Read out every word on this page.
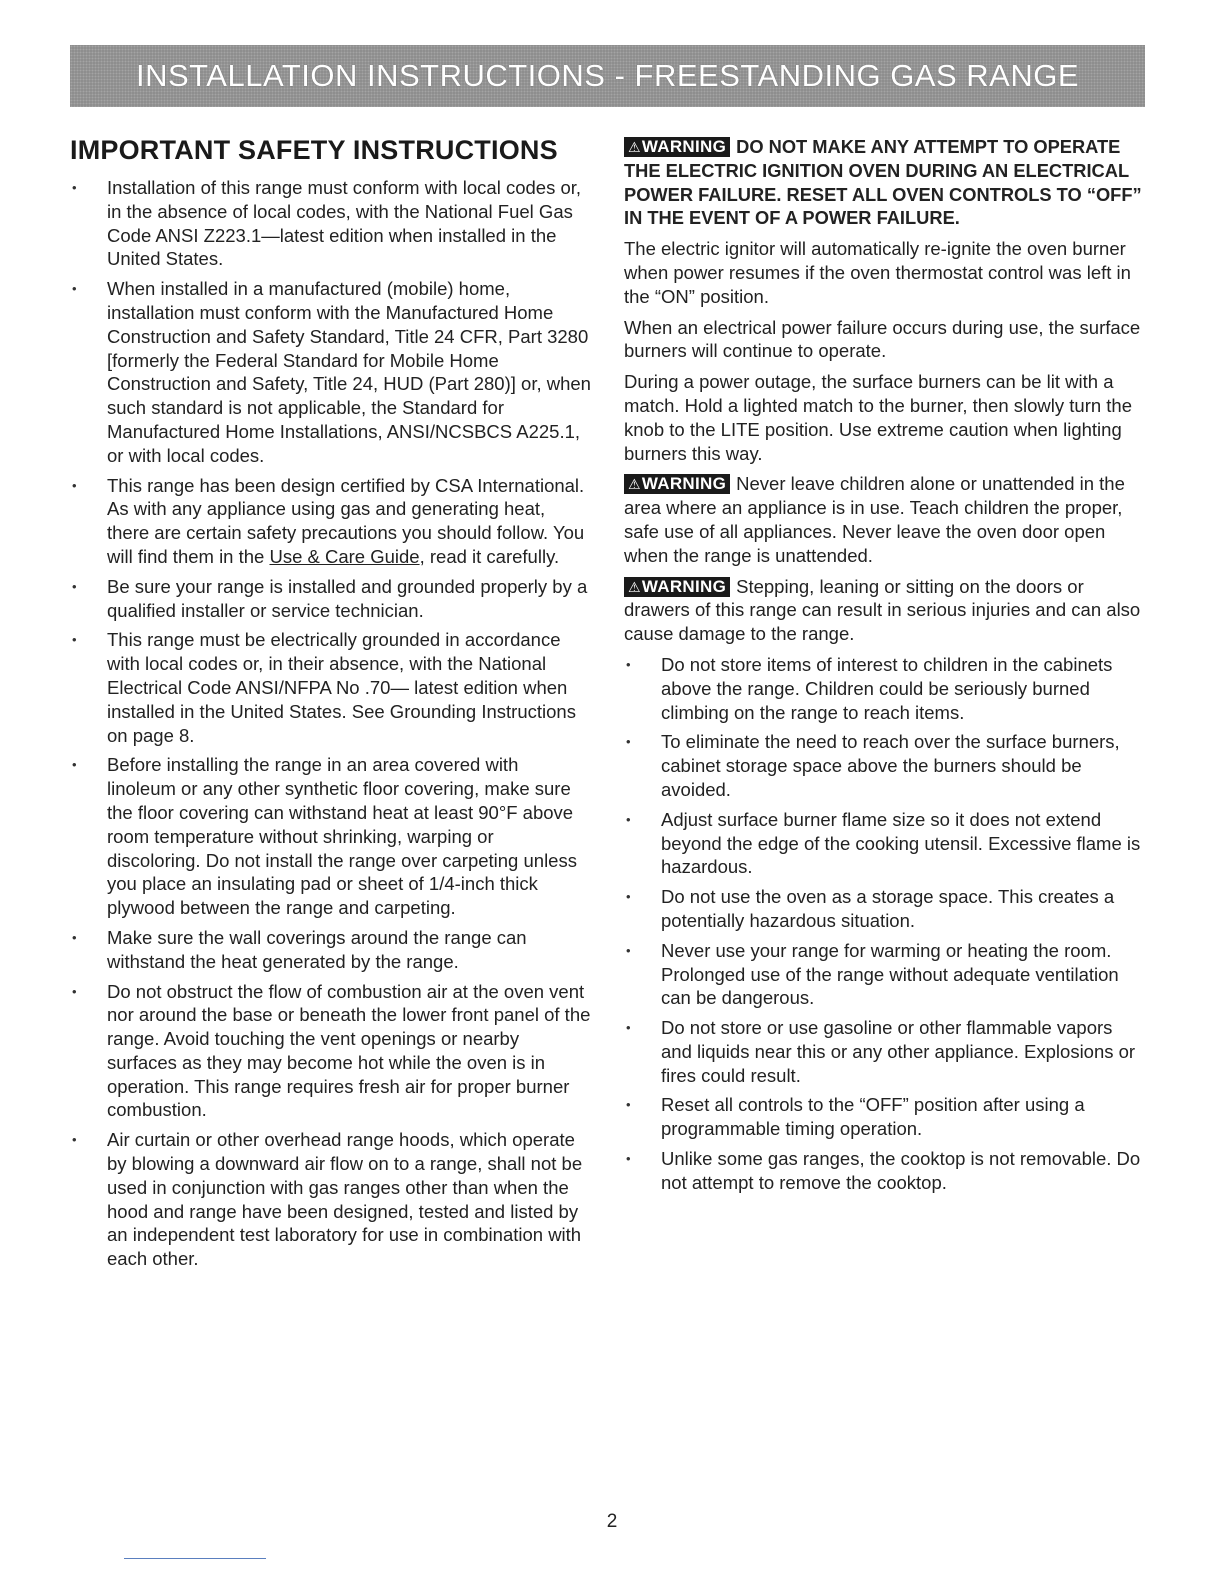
INSTALLATION INSTRUCTIONS - FREESTANDING GAS RANGE
IMPORTANT SAFETY INSTRUCTIONS
• Installation of this range must conform with local codes or, in the absence of local codes, with the National Fuel Gas Code ANSI Z223.1—latest edition when installed in the United States.
• When installed in a manufactured (mobile) home, installation must conform with the Manufactured Home Construction and Safety Standard, Title 24 CFR, Part 3280 [formerly the Federal Standard for Mobile Home Construction and Safety, Title 24, HUD (Part 280)] or, when such standard is not applicable, the Standard for Manufactured Home Installations, ANSI/NCSBCS A225.1, or with local codes.
• This range has been design certified by CSA International. As with any appliance using gas and generating heat, there are certain safety precautions you should follow. You will find them in the Use & Care Guide, read it carefully.
• Be sure your range is installed and grounded properly by a qualified installer or service technician.
• This range must be electrically grounded in accordance with local codes or, in their absence, with the National Electrical Code ANSI/NFPA No .70— latest edition when installed in the United States. See Grounding Instructions on page 8.
• Before installing the range in an area covered with linoleum or any other synthetic floor covering, make sure the floor covering can withstand heat at least 90°F above room temperature without shrinking, warping or discoloring. Do not install the range over carpeting unless you place an insulating pad or sheet of 1/4-inch thick plywood between the range and carpeting.
• Make sure the wall coverings around the range can withstand the heat generated by the range.
• Do not obstruct the flow of combustion air at the oven vent nor around the base or beneath the lower front panel of the range. Avoid touching the vent openings or nearby surfaces as they may become hot while the oven is in operation. This range requires fresh air for proper burner combustion.
• Air curtain or other overhead range hoods, which operate by blowing a downward air flow on to a range, shall not be used in conjunction with gas ranges other than when the hood and range have been designed, tested and listed by an independent test laboratory for use in combination with each other.

⚠WARNING DO NOT MAKE ANY ATTEMPT TO OPERATE THE ELECTRIC IGNITION OVEN DURING AN ELECTRICAL POWER FAILURE. RESET ALL OVEN CONTROLS TO “OFF” IN THE EVENT OF A POWER FAILURE.

The electric ignitor will automatically re-ignite the oven burner when power resumes if the oven thermostat control was left in the “ON” position.

When an electrical power failure occurs during use, the surface burners will continue to operate.

During a power outage, the surface burners can be lit with a match. Hold a lighted match to the burner, then slowly turn the knob to the LITE position. Use extreme caution when lighting burners this way.

⚠WARNING Never leave children alone or unattended in the area where an appliance is in use. Teach children the proper, safe use of all appliances. Never leave the oven door open when the range is unattended.

⚠WARNING Stepping, leaning or sitting on the doors or drawers of this range can result in serious injuries and can also cause damage to the range.

• Do not store items of interest to children in the cabinets above the range. Children could be seriously burned climbing on the range to reach items.
• To eliminate the need to reach over the surface burners, cabinet storage space above the burners should be avoided.
• Adjust surface burner flame size so it does not extend beyond the edge of the cooking utensil. Excessive flame is hazardous.
• Do not use the oven as a storage space. This creates a potentially hazardous situation.
• Never use your range for warming or heating the room. Prolonged use of the range without adequate ventilation can be dangerous.
• Do not store or use gasoline or other flammable vapors and liquids near this or any other appliance. Explosions or fires could result.
• Reset all controls to the “OFF” position after using a programmable timing operation.
• Unlike some gas ranges, the cooktop is not removable. Do not attempt to remove the cooktop.
2
